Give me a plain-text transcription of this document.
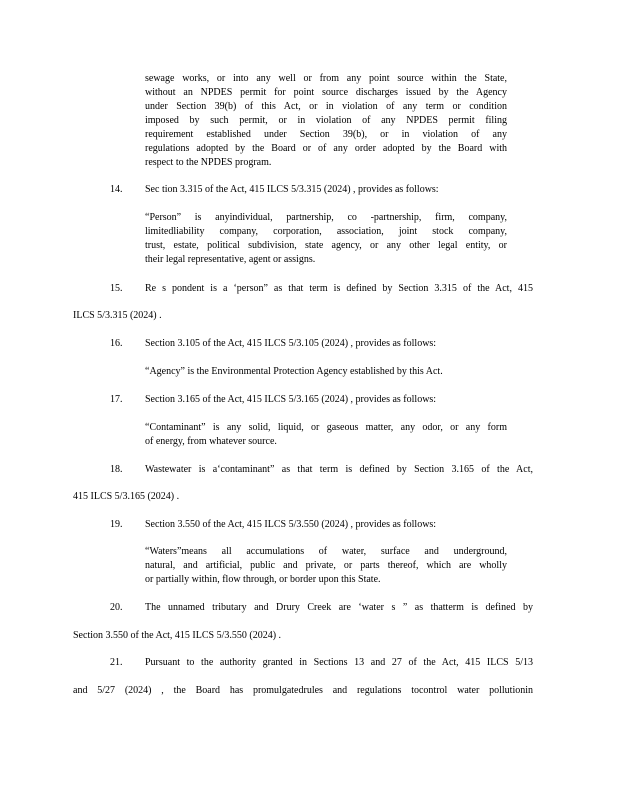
sewage works, or into any well or from any point source within the State,
without an NPDES permit for point source discharges issued by the Agency
under Section 39(b) of this Act, or in violation of any term or condition
imposed by such permit, or in violation of any NPDES permit filing
requirement established under Section 39(b), or in violation of any
regulations adopted by the Board or of any order adopted by the Board with
respect to the NPDES program.
14. Sec tion 3.315 of the Act, 415 ILCS 5/3.315 (2024) , provides as follows:
“Person” is anyindividual, partnership, co -partnership, firm, company,
limitedliability company, corporation, association, joint stock company,
trust, estate, political subdivision, state agency, or any other legal entity, or
their legal representative, agent or assigns.
15. Re s pondent is a ‘person” as that term is defined by Section 3.315 of the Act, 415
ILCS 5/3.315 (2024) .
16. Section 3.105 of the Act, 415 ILCS 5/3.105 (2024) , provides as follows:
“Agency” is the Environmental Protection Agency established by this Act.
17. Section 3.165 of the Act, 415 ILCS 5/3.165 (2024) , provides as follows:
“Contaminant” is any solid, liquid, or gaseous matter, any odor, or any form
of energy, from whatever source.
18. Wastewater is a‘contaminant” as that term is defined by Section 3.165 of the Act,
415 ILCS 5/3.165 (2024) .
19. Section 3.550 of the Act, 415 ILCS 5/3.550 (2024) , provides as follows:
“Waters”means all accumulations of water, surface and underground,
natural, and artificial, public and private, or parts thereof, which are wholly
or partially within, flow through, or border upon this State.
20. The unnamed tributary and Drury Creek are ‘water s ” as thatterm is defined by
Section 3.550 of the Act, 415 ILCS 5/3.550 (2024) .
21. Pursuant to the authority granted in Sections 13 and 27 of the Act, 415 ILCS 5/13
and 5/27 (2024) , the Board has promulgatedrules and regulations tocontrol water pollutionin
